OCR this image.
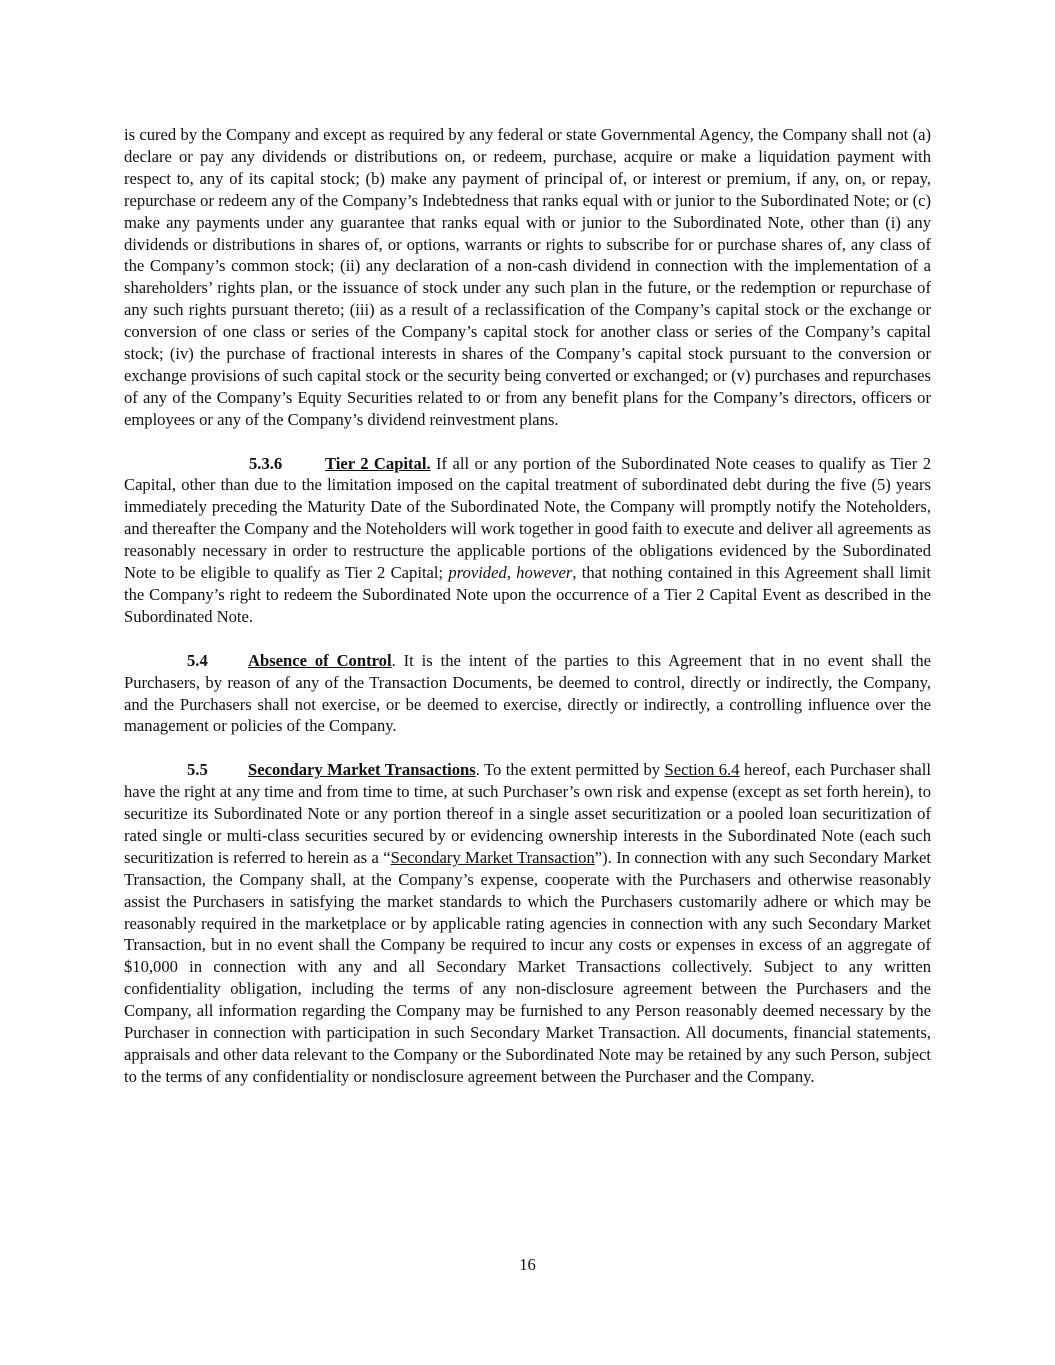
is cured by the Company and except as required by any federal or state Governmental Agency, the Company shall not (a) declare or pay any dividends or distributions on, or redeem, purchase, acquire or make a liquidation payment with respect to, any of its capital stock; (b) make any payment of principal of, or interest or premium, if any, on, or repay, repurchase or redeem any of the Company’s Indebtedness that ranks equal with or junior to the Subordinated Note; or (c) make any payments under any guarantee that ranks equal with or junior to the Subordinated Note, other than (i) any dividends or distributions in shares of, or options, warrants or rights to subscribe for or purchase shares of, any class of the Company’s common stock; (ii) any declaration of a non-cash dividend in connection with the implementation of a shareholders’ rights plan, or the issuance of stock under any such plan in the future, or the redemption or repurchase of any such rights pursuant thereto; (iii) as a result of a reclassification of the Company’s capital stock or the exchange or conversion of one class or series of the Company’s capital stock for another class or series of the Company’s capital stock; (iv) the purchase of fractional interests in shares of the Company’s capital stock pursuant to the conversion or exchange provisions of such capital stock or the security being converted or exchanged; or (v) purchases and repurchases of any of the Company’s Equity Securities related to or from any benefit plans for the Company’s directors, officers or employees or any of the Company’s dividend reinvestment plans.

5.3.6	Tier 2 Capital. If all or any portion of the Subordinated Note ceases to qualify as Tier 2 Capital, other than due to the limitation imposed on the capital treatment of subordinated debt during the five (5) years immediately preceding the Maturity Date of the Subordinated Note, the Company will promptly notify the Noteholders, and thereafter the Company and the Noteholders will work together in good faith to execute and deliver all agreements as reasonably necessary in order to restructure the applicable portions of the obligations evidenced by the Subordinated Note to be eligible to qualify as Tier 2 Capital; provided, however, that nothing contained in this Agreement shall limit the Company’s right to redeem the Subordinated Note upon the occurrence of a Tier 2 Capital Event as described in the Subordinated Note.

5.4 Absence of Control. It is the intent of the parties to this Agreement that in no event shall the Purchasers, by reason of any of the Transaction Documents, be deemed to control, directly or indirectly, the Company, and the Purchasers shall not exercise, or be deemed to exercise, directly or indirectly, a controlling influence over the management or policies of the Company.

5.5 Secondary Market Transactions. To the extent permitted by Section 6.4 hereof, each Purchaser shall have the right at any time and from time to time, at such Purchaser’s own risk and expense (except as set forth herein), to securitize its Subordinated Note or any portion thereof in a single asset securitization or a pooled loan securitization of rated single or multi-class securities secured by or evidencing ownership interests in the Subordinated Note (each such securitization is referred to herein as a “Secondary Market Transaction”). In connection with any such Secondary Market Transaction, the Company shall, at the Company’s expense, cooperate with the Purchasers and otherwise reasonably assist the Purchasers in satisfying the market standards to which the Purchasers customarily adhere or which may be reasonably required in the marketplace or by applicable rating agencies in connection with any such Secondary Market Transaction, but in no event shall the Company be required to incur any costs or expenses in excess of an aggregate of $10,000 in connection with any and all Secondary Market Transactions collectively. Subject to any written confidentiality obligation, including the terms of any non-disclosure agreement between the Purchasers and the Company, all information regarding the Company may be furnished to any Person reasonably deemed necessary by the Purchaser in connection with participation in such Secondary Market Transaction. All documents, financial statements, appraisals and other data relevant to the Company or the Subordinated Note may be retained by any such Person, subject to the terms of any confidentiality or nondisclosure agreement between the Purchaser and the Company.

16
